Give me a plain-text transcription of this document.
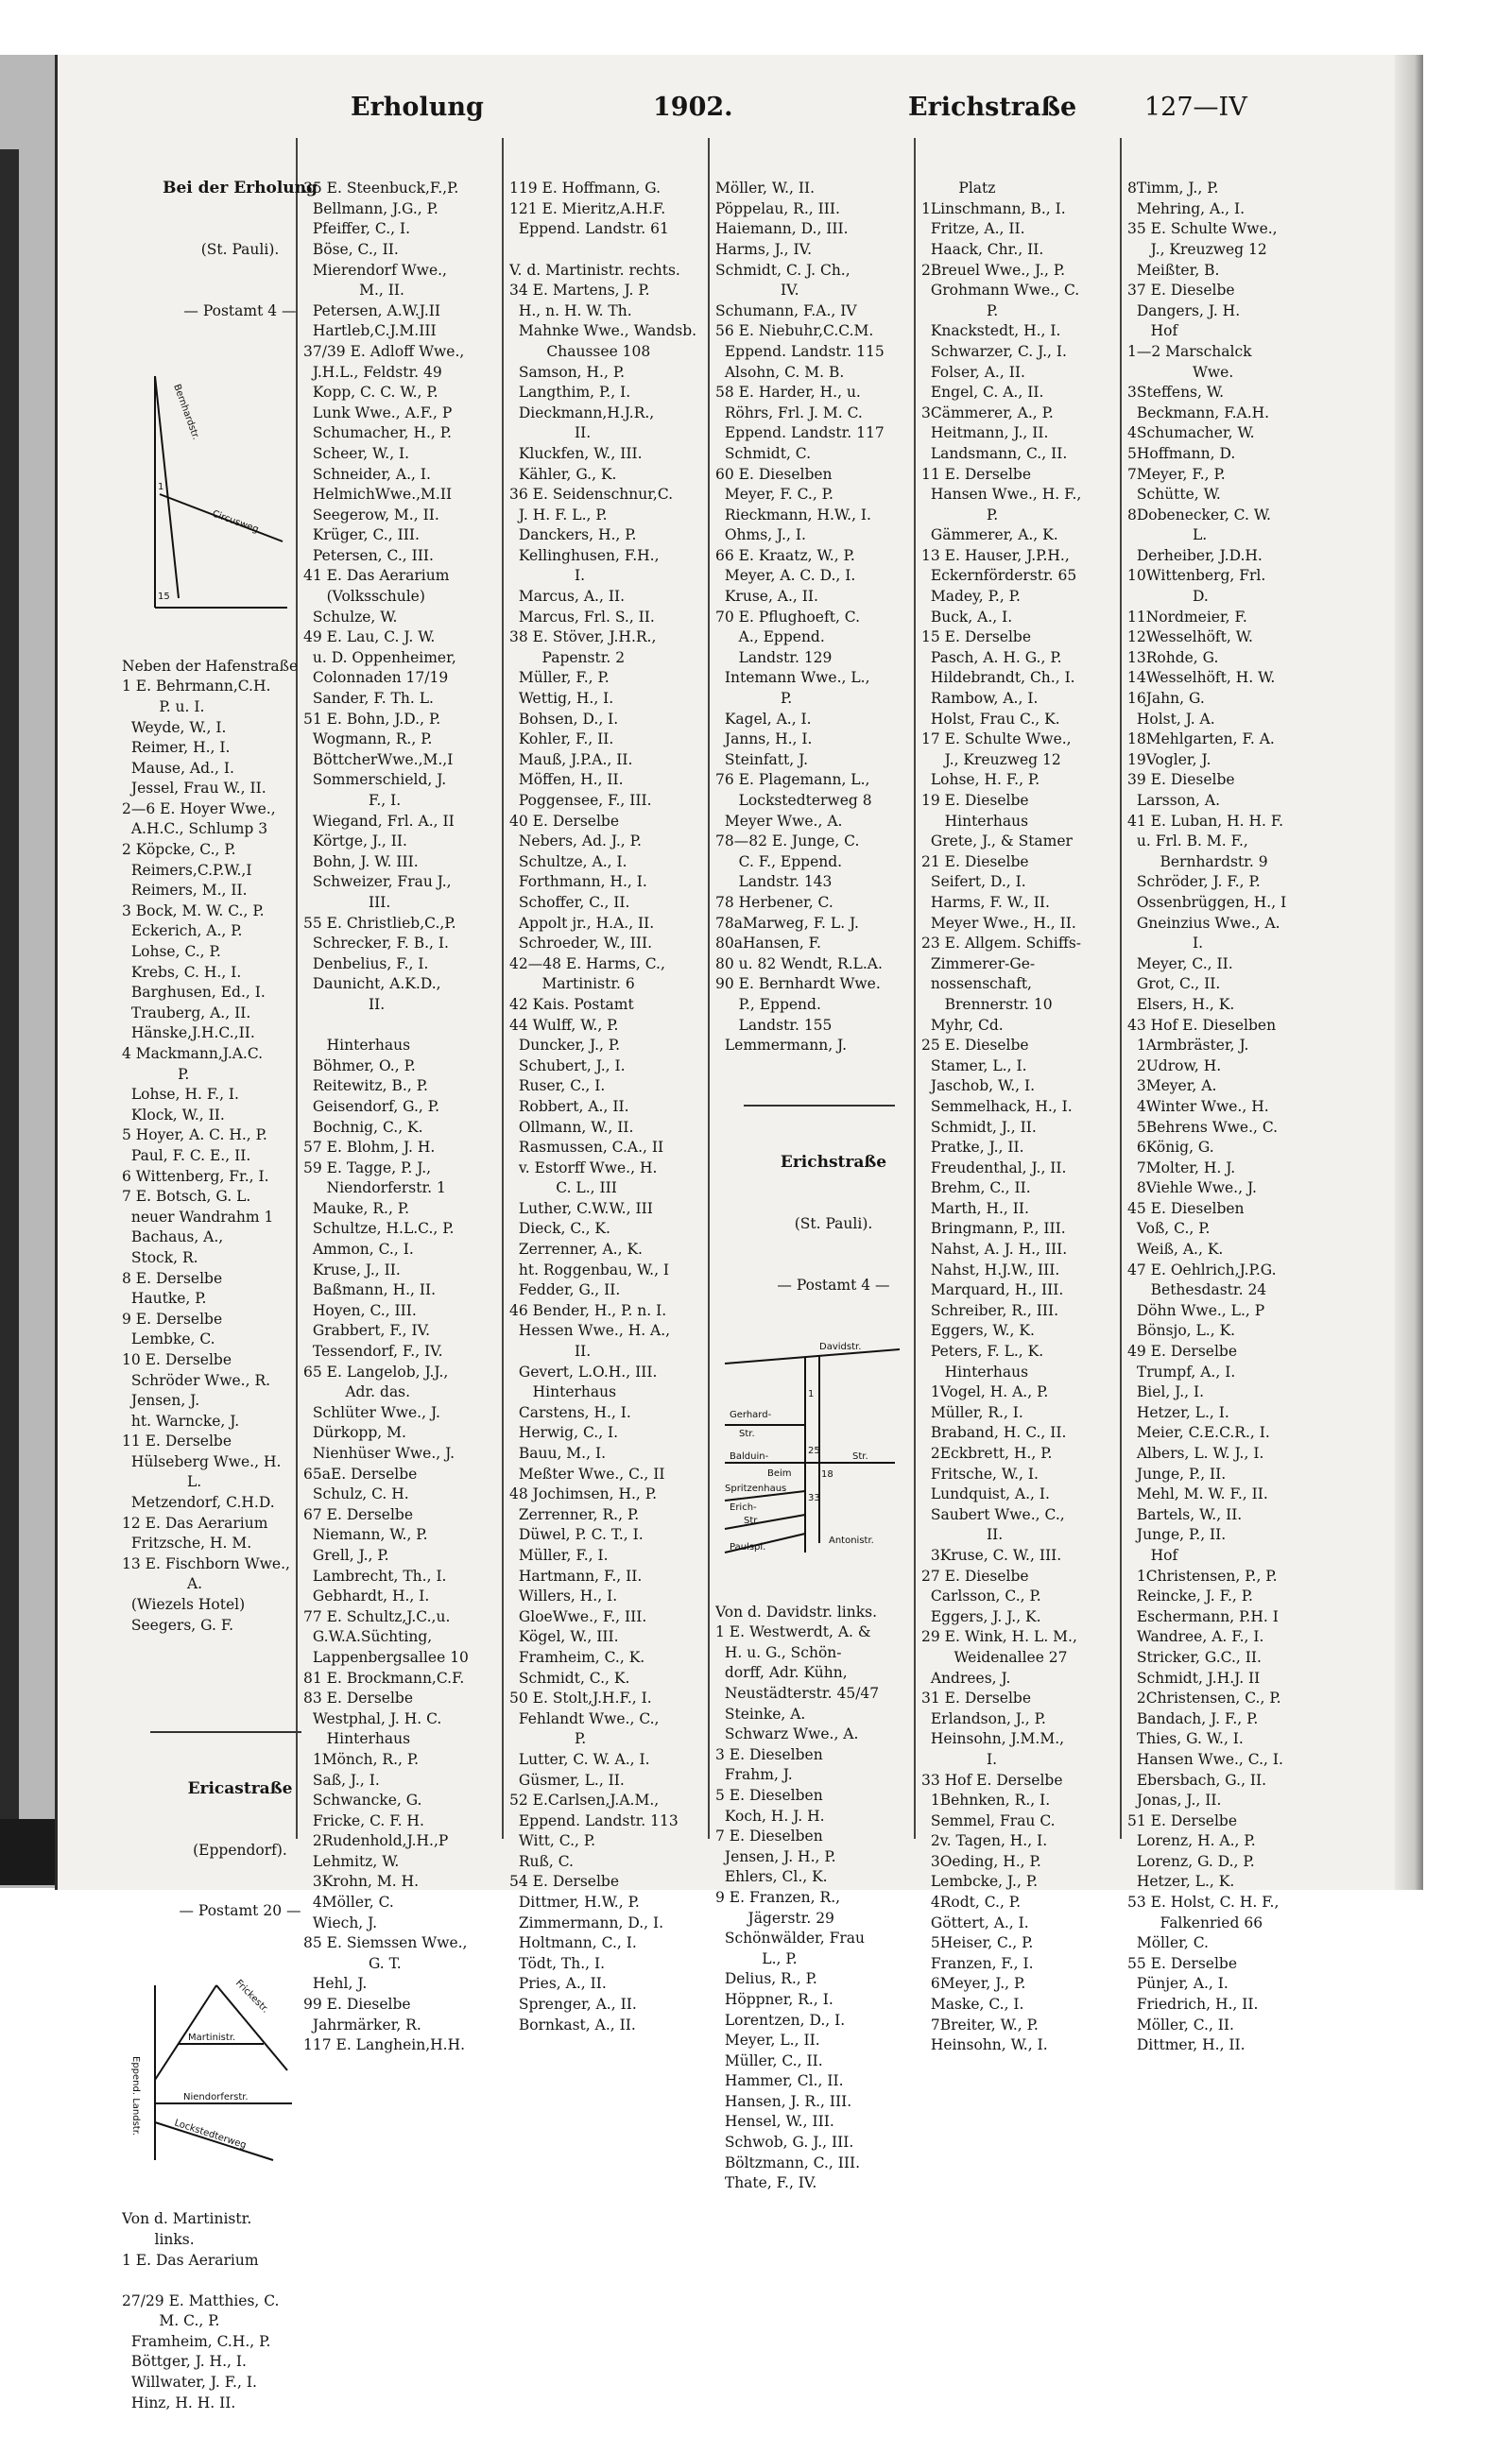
Erholung	1902.	Erichstraße	127—IV

Bei der Erholung

(St. Pauli).

— Postamt 4 —

Bernhardstr.
Circusweg
1
15

Neben der Hafenstraße
1 E. Behrmann,C.H.
P. u. I.
Weyde, W., I.
Reimer, H., I.
Mause, Ad., I.
Jessel, Frau W., II.
2—6 E. Hoyer Wwe.,
A.H.C., Schlump 3
2 Köpcke, C., P.
Reimers,C.P.W.,I
Reimers, M., II.
3 Bock, M. W. C., P.
Eckerich, A., P.
Lohse, C., P.
Krebs, C. H., I.
Barghusen, Ed., I.
Trauberg, A., II.
Hänske,J.H.C.,II.
4 Mackmann,J.A.C.
P.
Lohse, H. F., I.
Klock, W., II.
5 Hoyer, A. C. H., P.
Paul, F. C. E., II.
6 Wittenberg, Fr., I.
7 E. Botsch, G. L.
neuer Wandrahm 1
Bachaus, A.,
Stock, R.
8 E. Derselbe
Hautke, P.
9 E. Derselbe
Lembke, C.
10 E. Derselbe
Schröder Wwe., R.
Jensen, J.
ht. Warncke, J.
11 E. Derselbe
Hülseberg Wwe., H.
L.
Metzendorf, C.H.D.
12 E. Das Aerarium
Fritzsche, H. M.
13 E. Fischborn Wwe.,
A.
(Wiezels Hotel)
Seegers, G. F.

Ericastraße

(Eppendorf).

— Postamt 20 —

Frickestr.
Martinistr.
Eppend. Landstr.	Niendorferstr.
Lockstedterweg

Von d. Martinistr.
links.
1 E. Das Aerarium
27/29 E. Matthies, C.
M. C., P.
Framheim, C.H., P.
Böttger, J. H., I.
Willwater, J. F., I.
Hinz, H. H. II.

35 E. Steenbuck,F.,P.
Bellmann, J.G., P.
Pfeiffer, C., I.
Böse, C., II.
Mierendorf Wwe.,
M., II.
Petersen, A.W.J.II
Hartleb,C.J.M.III
37/39 E. Adloff Wwe.,
J.H.L., Feldstr. 49
Kopp, C. C. W., P.
Lunk Wwe., A.F., P
Schumacher, H., P.
Scheer, W., I.
Schneider, A., I.
HelmichWwe.,M.II
Seegerow, M., II.
Krüger, C., III.
Petersen, C., III.
41 E. Das Aerarium
(Volksschule)
Schulze, W.
49 E. Lau, C. J. W.
u. D. Oppenheimer,
Colonnaden 17/19
Sander, F. Th. L.
51 E. Bohn, J.D., P.
Wogmann, R., P.
BöttcherWwe.,M.,I
Sommerschield, J.
F., I.
Wiegand, Frl. A., II
Körtge, J., II.
Bohn, J. W. III.
Schweizer, Frau J.,
III.
55 E. Christlieb,C.,P.
Schrecker, F. B., I.
Denbelius, F., I.
Daunicht, A.K.D.,
II.
Hinterhaus
Böhmer, O., P.
Reitewitz, B., P.
Geisendorf, G., P.
Bochnig, C., K.
57 E. Blohm, J. H.
59 E. Tagge, P. J.,
Niendorferstr. 1
Mauke, R., P.
Schultze, H.L.C., P.
Ammon, C., I.
Kruse, J., II.
Baßmann, H., II.
Hoyen, C., III.
Grabbert, F., IV.
Tessendorf, F., IV.
65 E. Langelob, J.J.,
Adr. das.
Schlüter Wwe., J.
Dürkopp, M.
Nienhüser Wwe., J.
65aE. Derselbe
Schulz, C. H.
67 E. Derselbe
Niemann, W., P.
Grell, J., P.
Lambrecht, Th., I.
Gebhardt, H., I.
77 E. Schultz,J.C.,u.
G.W.A.Süchting,
Lappenbergsallee 10
81 E. Brockmann,C.F.
83 E. Derselbe
Westphal, J. H. C.
Hinterhaus
1Mönch, R., P.
Saß, J., I.
Schwancke, G.
Fricke, C. F. H.
2Rudenhold,J.H.,P
Lehmitz, W.
3Krohn, M. H.
4Möller, C.
Wiech, J.
85 E. Siemssen Wwe.,
G. T.
Hehl, J.
99 E. Dieselbe
Jahrmärker, R.
117 E. Langhein,H.H.

119 E. Hoffmann, G.
121 E. Mieritz,A.H.F.
Eppend. Landstr. 61
V. d. Martinistr. rechts.
34 E. Martens, J. P.
H., n. H. W. Th.
Mahnke Wwe., Wandsb.
Chaussee 108
Samson, H., P.
Langthim, P., I.
Dieckmann,H.J.R.,
II.
Kluckfen, W., III.
Kähler, G., K.
36 E. Seidenschnur,C.
J. H. F. L., P.
Danckers, H., P.
Kellinghusen, F.H.,
I.
Marcus, A., II.
Marcus, Frl. S., II.
38 E. Stöver, J.H.R.,
Papenstr. 2
Müller, F., P.
Wettig, H., I.
Bohsen, D., I.
Kohler, F., II.
Mauß, J.P.A., II.
Möffen, H., II.
Poggensee, F., III.
40 E. Derselbe
Nebers, Ad. J., P.
Schultze, A., I.
Forthmann, H., I.
Schoffer, C., II.
Appolt jr., H.A., II.
Schroeder, W., III.
42—48 E. Harms, C.,
Martinistr. 6
42 Kais. Postamt
44 Wulff, W., P.
Duncker, J., P.
Schubert, J., I.
Ruser, C., I.
Robbert, A., II.
Ollmann, W., II.
Rasmussen, C.A., II
v. Estorff Wwe., H.
C. L., III
Luther, C.W.W., III
Dieck, C., K.
Zerrenner, A., K.
ht. Roggenbau, W., I
Fedder, G., II.
46 Bender, H., P. n. I.
Hessen Wwe., H. A.,
II.
Gevert, L.O.H., III.
Hinterhaus
Carstens, H., I.
Herwig, C., I.
Bauu, M., I.
Meßter Wwe., C., II
48 Jochimsen, H., P.
Zerrenner, R., P.
Düwel, P. C. T., I.
Müller, F., I.
Hartmann, F., II.
Willers, H., I.
GloeWwe., F., III.
Kögel, W., III.
Framheim, C., K.
Schmidt, C., K.
50 E. Stolt,J.H.F., I.
Fehlandt Wwe., C.,
P.
Lutter, C. W. A., I.
Güsmer, L., II.
52 E.Carlsen,J.A.M.,
Eppend. Landstr. 113
Witt, C., P.
Ruß, C.
54 E. Derselbe
Dittmer, H.W., P.
Zimmermann, D., I.
Holtmann, C., I.
Tödt, Th., I.
Pries, A., II.
Sprenger, A., II.
Bornkast, A., II.

Möller, W., II.
Pöppelau, R., III.
Haiemann, D., III.
Harms, J., IV.
Schmidt, C. J. Ch.,
IV.
Schumann, F.A., IV
56 E. Niebuhr,C.C.M.
Eppend. Landstr. 115
Alsohn, C. M. B.
58 E. Harder, H., u.
Röhrs, Frl. J. M. C.
Eppend. Landstr. 117
Schmidt, C.
60 E. Dieselben
Meyer, F. C., P.
Rieckmann, H.W., I.
Ohms, J., I.
66 E. Kraatz, W., P.
Meyer, A. C. D., I.
Kruse, A., II.
70 E. Pflughoeft, C.
A., Eppend.
Landstr. 129
Intemann Wwe., L.,
P.
Kagel, A., I.
Janns, H., I.
Steinfatt, J.
76 E. Plagemann, L.,
Lockstedterweg 8
Meyer Wwe., A.
78—82 E. Junge, C.
C. F., Eppend.
Landstr. 143
78 Herbener, C.
78aMarweg, F. L. J.
80aHansen, F.
80 u. 82 Wendt, R.L.A.
90 E. Bernhardt Wwe.
P., Eppend.
Landstr. 155
Lemmermann, J.

Erichstraße

(St. Pauli).

— Postamt 4 —

Davidstr.
Gerhard-
Str.
Balduin-	Str.
Beim
Spritzenhaus
Erich-
Str.
Antonistr.
Paulspl.
1
25
33
18

Von d. Davidstr. links.
1 E. Westwerdt, A. &
H. u. G., Schön-
dorff, Adr. Kühn,
Neustädterstr. 45/47
Steinke, A.
Schwarz Wwe., A.
3 E. Dieselben
Frahm, J.
5 E. Dieselben
Koch, H. J. H.
7 E. Dieselben
Jensen, J. H., P.
Ehlers, Cl., K.
9 E. Franzen, R.,
Jägerstr. 29
Schönwälder, Frau
L., P.
Delius, R., P.
Höppner, R., I.
Lorentzen, D., I.
Meyer, L., II.
Müller, C., II.
Hammer, Cl., II.
Hansen, J. R., III.
Hensel, W., III.
Schwob, G. J., III.
Böltzmann, C., III.
Thate, F., IV.

Platz
1Linschmann, B., I.
Fritze, A., II.
Haack, Chr., II.
2Breuel Wwe., J., P.
Grohmann Wwe., C.
P.
Knackstedt, H., I.
Schwarzer, C. J., I.
Folser, A., II.
Engel, C. A., II.
3Cämmerer, A., P.
Heitmann, J., II.
Landsmann, C., II.
11 E. Derselbe
Hansen Wwe., H. F.,
P.
Gämmerer, A., K.
13 E. Hauser, J.P.H.,
Eckernförderstr. 65
Madey, P., P.
Buck, A., I.
15 E. Derselbe
Pasch, A. H. G., P.
Hildebrandt, Ch., I.
Rambow, A., I.
Holst, Frau C., K.
17 E. Schulte Wwe.,
J., Kreuzweg 12
Lohse, H. F., P.
19 E. Dieselbe
Hinterhaus
Grete, J., & Stamer
21 E. Dieselbe
Seifert, D., I.
Harms, F. W., II.
Meyer Wwe., H., II.
23 E. Allgem. Schiffs-
Zimmerer-Ge-
nossenschaft,
Brennerstr. 10
Myhr, Cd.
25 E. Dieselbe
Stamer, L., I.
Jaschob, W., I.
Semmelhack, H., I.
Schmidt, J., II.
Pratke, J., II.
Freudenthal, J., II.
Brehm, C., II.
Marth, H., II.
Bringmann, P., III.
Nahst, A. J. H., III.
Nahst, H.J.W., III.
Marquard, H., III.
Schreiber, R., III.
Eggers, W., K.
Peters, F. L., K.
Hinterhaus
1Vogel, H. A., P.
Müller, R., I.
Braband, H. C., II.
2Eckbrett, H., P.
Fritsche, W., I.
Lundquist, A., I.
Saubert Wwe., C.,
II.
3Kruse, C. W., III.
27 E. Dieselbe
Carlsson, C., P.
Eggers, J. J., K.
29 E. Wink, H. L. M.,
Weidenallee 27
Andrees, J.
31 E. Derselbe
Erlandson, J., P.
Heinsohn, J.M.M.,
I.
33 Hof E. Derselbe
1Behnken, R., I.
Semmel, Frau C.
2v. Tagen, H., I.
3Oeding, H., P.
Lembcke, J., P.
4Rodt, C., P.
Göttert, A., I.
5Heiser, C., P.
Franzen, F., I.
6Meyer, J., P.
Maske, C., I.
7Breiter, W., P.
Heinsohn, W., I.

8Timm, J., P.
Mehring, A., I.
35 E. Schulte Wwe.,
J., Kreuzweg 12
Meißter, B.
37 E. Dieselbe
Dangers, J. H.
Hof
1—2 Marschalck
Wwe.
3Steffens, W.
Beckmann, F.A.H.
4Schumacher, W.
5Hoffmann, D.
7Meyer, F., P.
Schütte, W.
8Dobenecker, C. W.
L.
Derheiber, J.D.H.
10Wittenberg, Frl.
D.
11Nordmeier, F.
12Wesselhöft, W.
13Rohde, G.
14Wesselhöft, H. W.
16Jahn, G.
Holst, J. A.
18Mehlgarten, F. A.
19Vogler, J.
39 E. Dieselbe
Larsson, A.
41 E. Luban, H. H. F.
u. Frl. B. M. F.,
Bernhardstr. 9
Schröder, J. F., P.
Ossenbrüggen, H., I
Gneinzius Wwe., A.
I.
Meyer, C., II.
Grot, C., II.
Elsers, H., K.
43 Hof E. Dieselben
1Armbräster, J.
2Udrow, H.
3Meyer, A.
4Winter Wwe., H.
5Behrens Wwe., C.
6König, G.
7Molter, H. J.
8Viehle Wwe., J.
45 E. Dieselben
Voß, C., P.
Weiß, A., K.
47 E. Oehlrich,J.P.G.
Bethesdastr. 24
Döhn Wwe., L., P
Bönsjo, L., K.
49 E. Derselbe
Trumpf, A., I.
Biel, J., I.
Hetzer, L., I.
Meier, C.E.C.R., I.
Albers, L. W. J., I.
Junge, P., II.
Mehl, M. W. F., II.
Bartels, W., II.
Junge, P., II.
Hof
1Christensen, P., P.
Reincke, J. F., P.
Eschermann, P.H. I
Wandree, A. F., I.
Stricker, G.C., II.
Schmidt, J.H.J. II
2Christensen, C., P.
Bandach, J. F., P.
Thies, G. W., I.
Hansen Wwe., C., I.
Ebersbach, G., II.
Jonas, J., II.
51 E. Derselbe
Lorenz, H. A., P.
Lorenz, G. D., P.
Hetzer, L., K.
53 E. Holst, C. H. F.,
Falkenried 66
Möller, C.
55 E. Derselbe
Pünjer, A., I.
Friedrich, H., II.
Möller, C., II.
Dittmer, H., II.
